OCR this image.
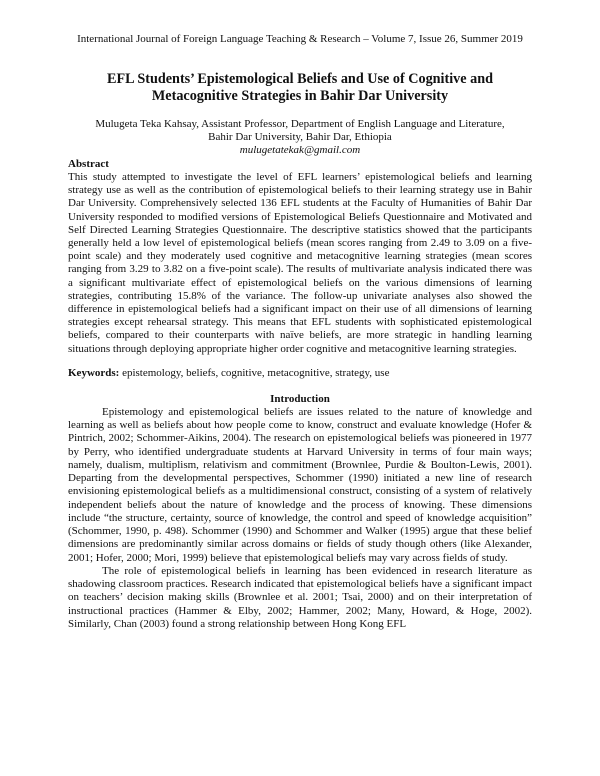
International Journal of Foreign Language Teaching & Research – Volume 7, Issue 26, Summer 2019
EFL Students’ Epistemological Beliefs and Use of Cognitive and
Metacognitive Strategies in Bahir Dar University
Mulugeta Teka Kahsay, Assistant Professor, Department of English Language and Literature,
Bahir Dar University, Bahir Dar, Ethiopia
mulugetatekak@gmail.com
Abstract

This study attempted to investigate the level of EFL learners’ epistemological beliefs and learning strategy use as well as the contribution of epistemological beliefs to their learning strategy use in Bahir Dar University. Comprehensively selected 136 EFL students at the Faculty of Humanities of Bahir Dar University responded to modified versions of Epistemological Beliefs Questionnaire and Motivated and Self Directed Learning Strategies Questionnaire. The descriptive statistics showed that the participants generally held a low level of epistemological beliefs (mean scores ranging from 2.49 to 3.09 on a five-point scale) and they moderately used cognitive and metacognitive learning strategies (mean scores ranging from 3.29 to 3.82 on a five-point scale). The results of multivariate analysis indicated there was a significant multivariate effect of epistemological beliefs on the various dimensions of learning strategies, contributing 15.8% of the variance. The follow-up univariate analyses also showed the difference in epistemological beliefs had a significant impact on their use of all dimensions of learning strategies except rehearsal strategy. This means that EFL students with sophisticated epistemological beliefs, compared to their counterparts with naïve beliefs, are more strategic in handling learning situations through deploying appropriate higher order cognitive and metacognitive learning strategies.

Keywords: epistemology, beliefs, cognitive, metacognitive, strategy, use
Introduction

Epistemology and epistemological beliefs are issues related to the nature of knowledge and learning as well as beliefs about how people come to know, construct and evaluate knowledge (Hofer & Pintrich, 2002; Schommer-Aikins, 2004). The research on epistemological beliefs was pioneered in 1977 by Perry, who identified undergraduate students at Harvard University in terms of four main ways; namely, dualism, multiplism, relativism and commitment (Brownlee, Purdie & Boulton-Lewis, 2001). Departing from the developmental perspectives, Schommer (1990) initiated a new line of research envisioning epistemological beliefs as a multidimensional construct, consisting of a system of relatively independent beliefs about the nature of knowledge and the process of knowing. These dimensions include “the structure, certainty, source of knowledge, the control and speed of knowledge acquisition” (Schommer, 1990, p. 498). Schommer (1990) and Schommer and Walker (1995) argue that these belief dimensions are predominantly similar across domains or fields of study though others (like Alexander, 2001; Hofer, 2000; Mori, 1999) believe that epistemological beliefs may vary across fields of study.

The role of epistemological beliefs in learning has been evidenced in research literature as shadowing classroom practices. Research indicated that epistemological beliefs have a significant impact on teachers’ decision making skills (Brownlee et al. 2001; Tsai, 2000) and on their interpretation of instructional practices (Hammer & Elby, 2002; Hammer, 2002; Many, Howard, & Hoge, 2002). Similarly, Chan (2003) found a strong relationship between Hong Kong EFL
